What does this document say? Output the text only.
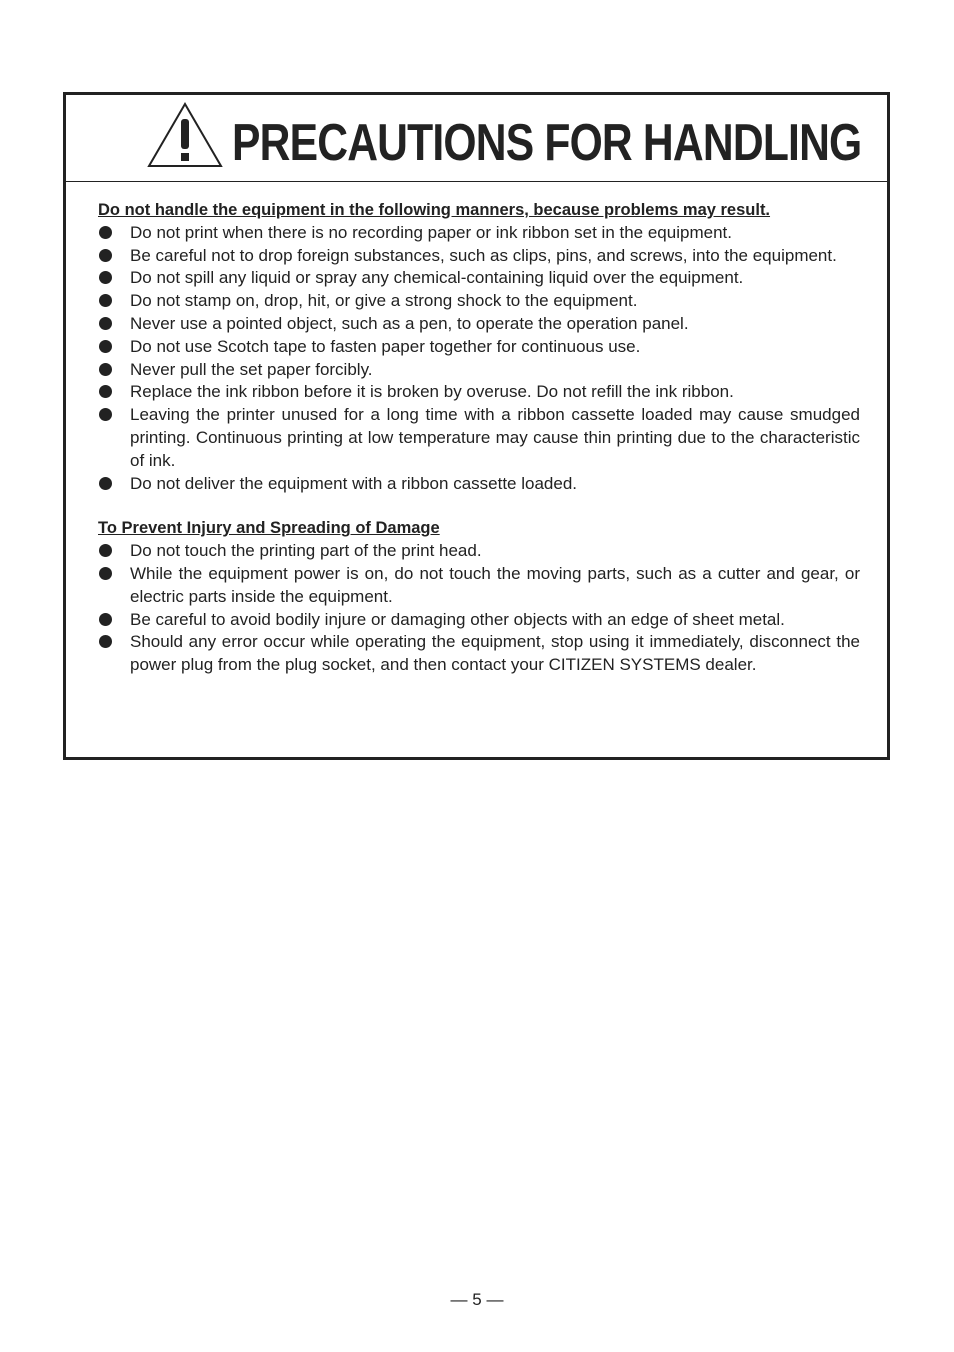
PRECAUTIONS FOR HANDLING

Do not handle the equipment in the following manners, because problems may result.

Do not print when there is no recording paper or ink ribbon set in the equipment.
Be careful not to drop foreign substances, such as clips, pins, and screws, into the equipment.
Do not spill any liquid or spray any chemical-containing liquid over the equipment.
Do not stamp on, drop, hit, or give a strong shock to the equipment.
Never use a pointed object, such as a pen, to operate the operation panel.
Do not use Scotch tape to fasten paper together for continuous use.
Never pull the set paper forcibly.
Replace the ink ribbon before it is broken by overuse. Do not refill the ink ribbon.
Leaving the printer unused for a long time with a ribbon cassette loaded may cause smudged printing. Continuous printing at low temperature may cause thin printing due to the characteristic of ink.
Do not deliver the equipment with a ribbon cassette loaded.

To Prevent Injury and Spreading of Damage

Do not touch the printing part of the print head.
While the equipment power is on, do not touch the moving parts, such as a cutter and gear, or electric parts inside the equipment.
Be careful to avoid bodily injure or damaging other objects with an edge of sheet metal.
Should any error occur while operating the equipment, stop using it immediately, disconnect the power plug from the plug socket, and then contact your CITIZEN SYSTEMS dealer.
— 5 —
